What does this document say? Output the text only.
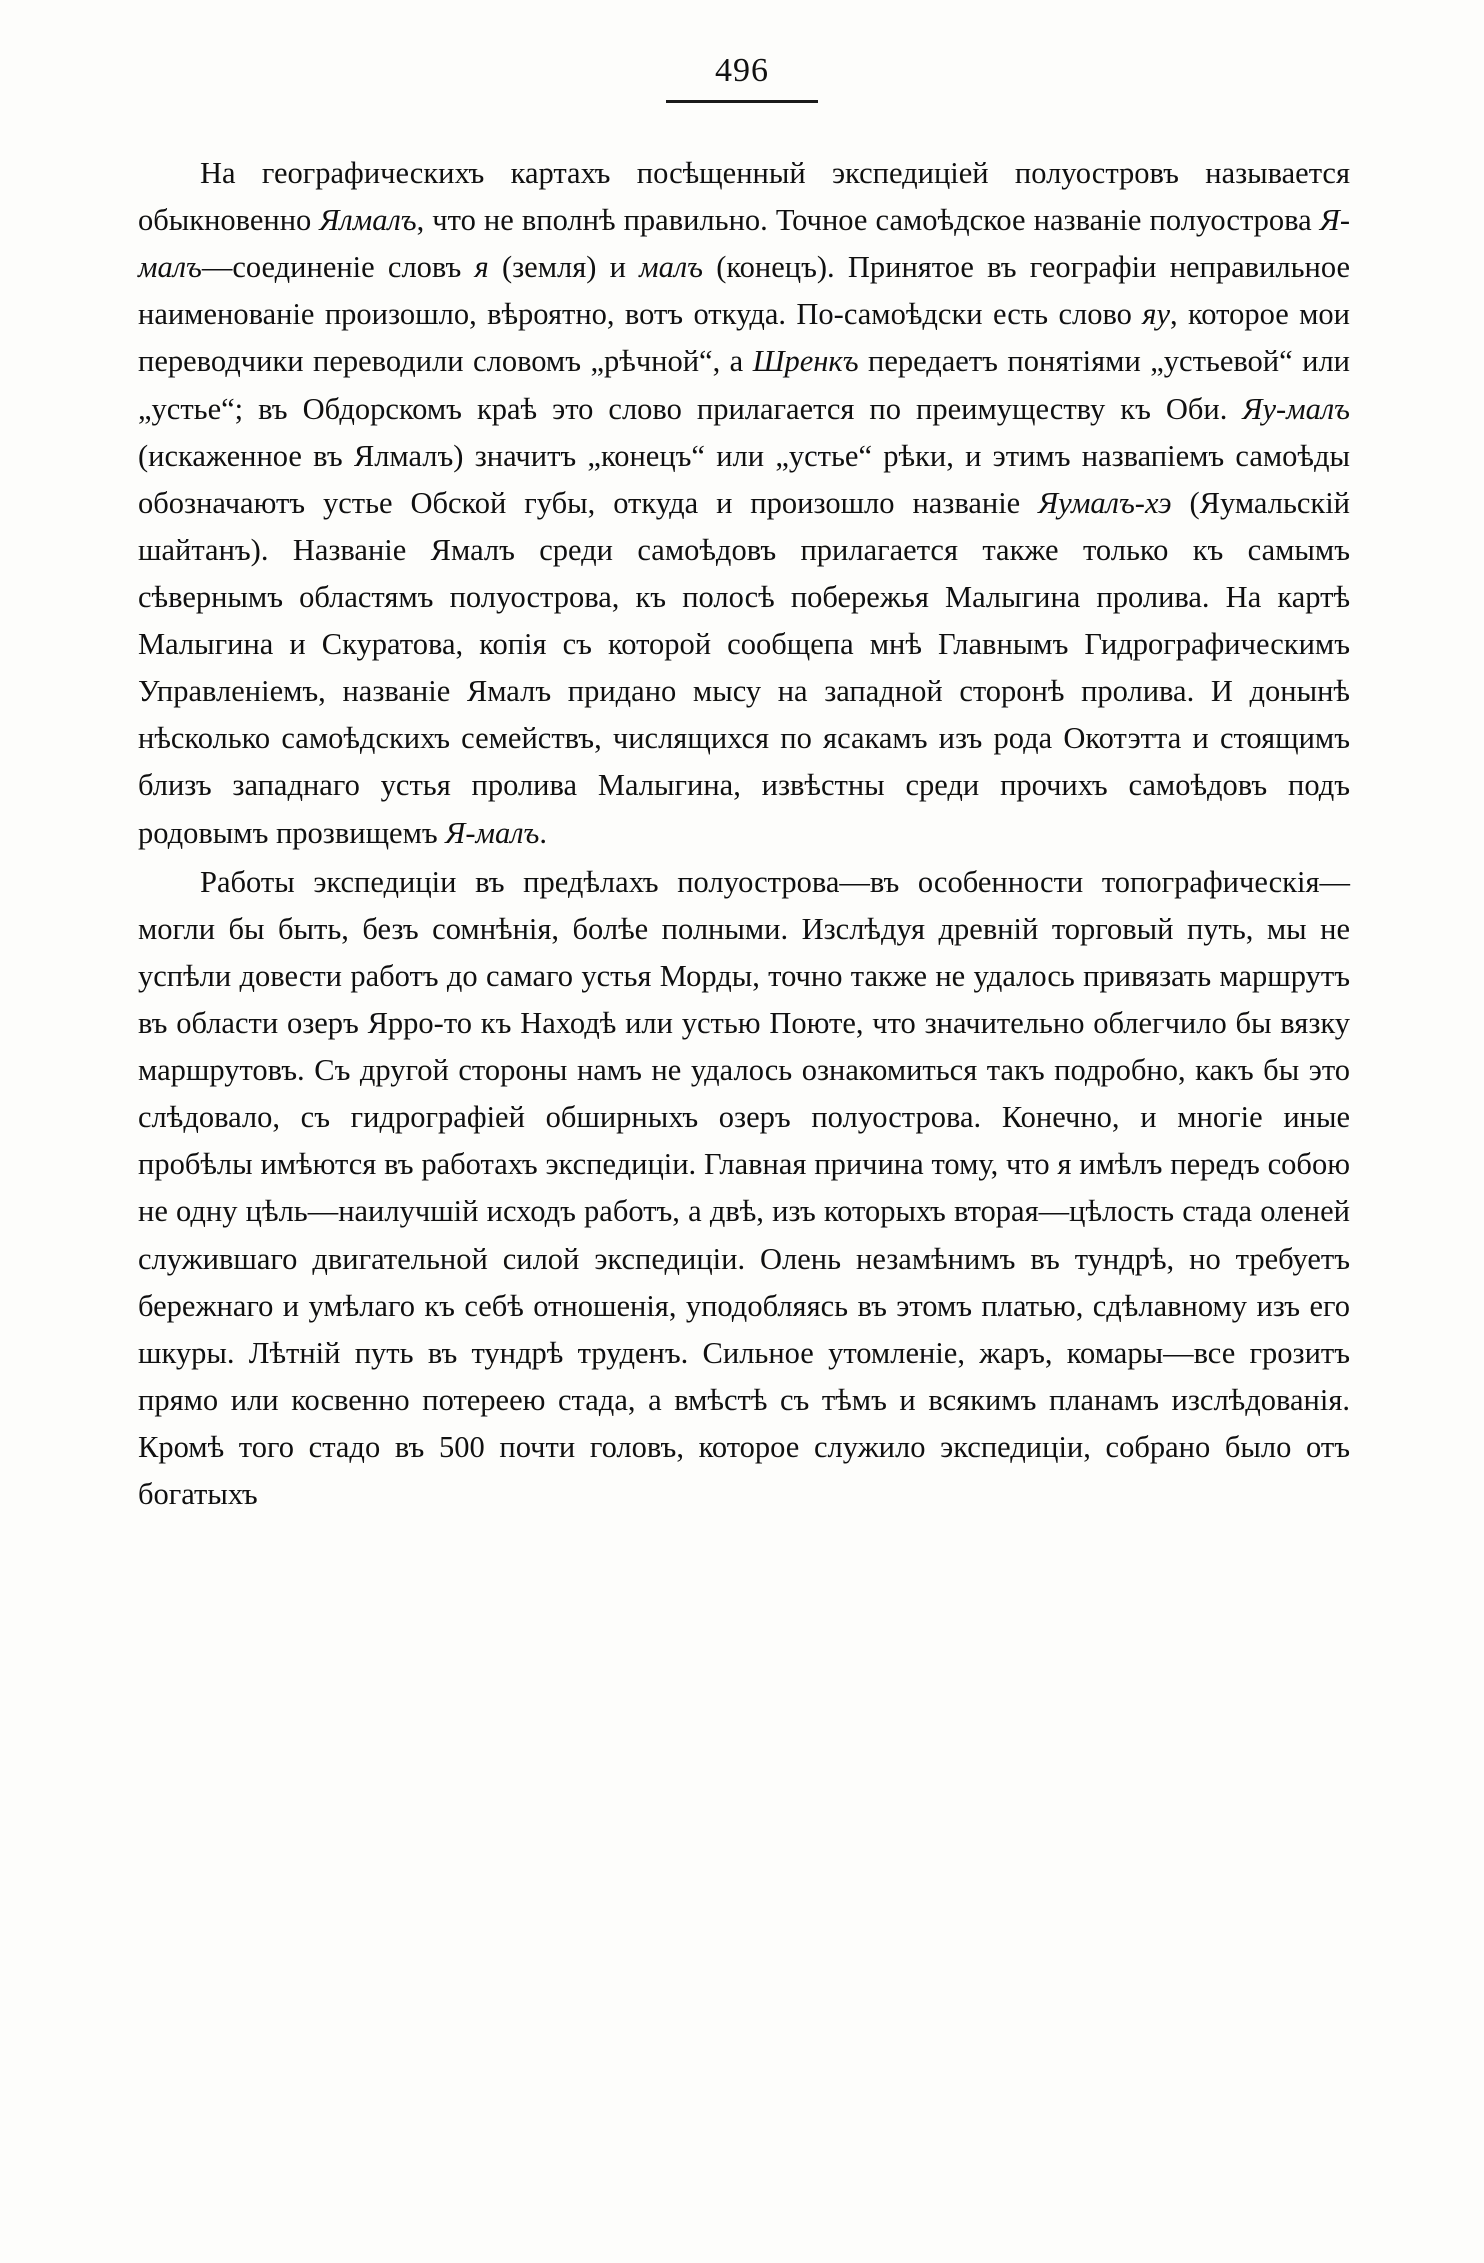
496

На географическихъ картахъ посѣщенный экспедиціей полуостровъ называется обыкновенно Ялмалъ, что не вполнѣ правильно. Точное самоѣдское названіе полуострова Я-малъ—соединеніе словъ я (земля) и малъ (конецъ). Принятое въ географіи неправильное наименованіе произошло, вѣроятно, вотъ откуда. По-самоѣдски есть слово яу, которое мои переводчики переводили словомъ „рѣчной“, а Шренкъ передаетъ понятіями „устьевой“ или „устье“; въ Обдорскомъ краѣ это слово прилагается по преимуществу къ Оби. Яу-малъ (искаженное въ Ялмалъ) значитъ „конецъ“ или „устье“ рѣки, и этимъ назвапіемъ самоѣды обозначаютъ устье Обской губы, откуда и произошло названіе Яумалъ-хэ (Яумальскій шайтанъ). Названіе Ямалъ среди самоѣдовъ прилагается также только къ самымъ сѣвернымъ областямъ полуострова, къ полосѣ побережья Малыгина пролива. На картѣ Малыгина и Скуратова, копія съ которой сообщепа мнѣ Главнымъ Гидрографическимъ Управленіемъ, названіе Ямалъ придано мысу на западной сторонѣ пролива. И донынѣ нѣсколько самоѣдскихъ семействъ, числящихся по ясакамъ изъ рода Окотэтта и стоящимъ близъ западнаго устья пролива Малыгина, извѣстны среди прочихъ самоѣдовъ подъ родовымъ прозвищемъ Я-малъ.

Работы экспедиціи въ предѣлахъ полуострова—въ особенности топографическія—могли бы быть, безъ сомнѣнія, болѣе полными. Изслѣдуя древній торговый путь, мы не успѣли довести работъ до самаго устья Морды, точно также не удалось привязать маршрутъ въ области озеръ Ярро-то къ Находѣ или устью Поюте, что значительно облегчило бы вязку маршрутовъ. Съ другой стороны намъ не удалось ознакомиться такъ подробно, какъ бы это слѣдовало, съ гидрографіей обширныхъ озеръ полуострова. Конечно, и многіе иные пробѣлы имѣются въ работахъ экспедиціи. Главная причина тому, что я имѣлъ передъ собою не одну цѣль—наилучшій исходъ работъ, а двѣ, изъ которыхъ вторая—цѣлость стада оленей служившаго двигательной силой экспедиціи. Олень незамѣнимъ въ тундрѣ, но требуетъ бережнаго и умѣлаго къ себѣ отношенія, уподобляясь въ этомъ платью, сдѣлавному изъ его шкуры. Лѣтній путь въ тундрѣ труденъ. Сильное утомленіе, жаръ, комары—все грозитъ прямо или косвенно потереею стада, а вмѣстѣ съ тѣмъ и всякимъ планамъ изслѣдованія. Кромѣ того стадо въ 500 почти головъ, которое служило экспедиціи, собрано было отъ богатыхъ
